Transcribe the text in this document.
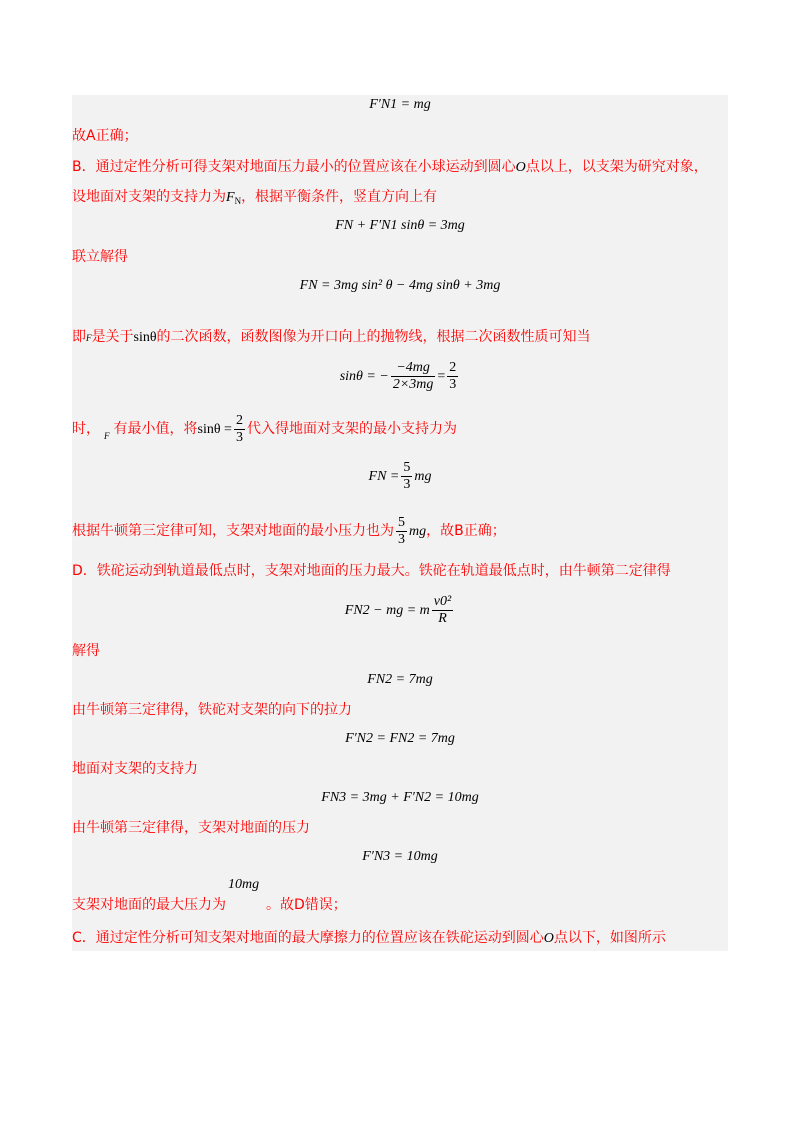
F′N1 = mg
故A正确；
B．通过定性分析可得支架对地面压力最小的位置应该在小球运动到圆心O点以上，以支架为研究对象，
设地面对支架的支持力为$F_N$，根据平衡条件，竖直方向上有
FN + F′N1 sinθ = 3mg
联立解得
FN = 3mg sin² θ − 4mg sinθ + 3mg
即F是关于sinθ的二次函数，函数图像为开口向上的抛物线，根据二次函数性质可知当
sinθ = − $\frac{-4mg}{2\times 3mg} = \frac{2}{3}$
时， $_F$ 有最小值，将$\sin\theta = \frac{2}{3}$ 代入得地面对支架的最小支持力为
FN = $\frac{5}{3}$ mg
根据牛顿第三定律可知，支架对地面的最小压力也为 $\frac{5}{3}$ mg，故B正确；
D．铁砣运动到轨道最低点时，支架对地面的压力最大。铁砣在轨道最低点时，由牛顿第二定律得
FN2 − mg = m $\frac{\text{v0²}}{R}$
解得
FN2 = 7mg
由牛顿第三定律得，铁砣对支架的向下的拉力
F′N2 = FN2 = 7mg
地面对支架的支持力
FN3 = 3mg + F′N2 = 10mg
由牛顿第三定律得，支架对地面的压力
F′N3 = 10mg
10mg
支架对地面的最大压力为	。故D错误；
C．通过定性分析可知支架对地面的最大摩擦力的位置应该在铁砣运动到圆心O点以下，如图所示
